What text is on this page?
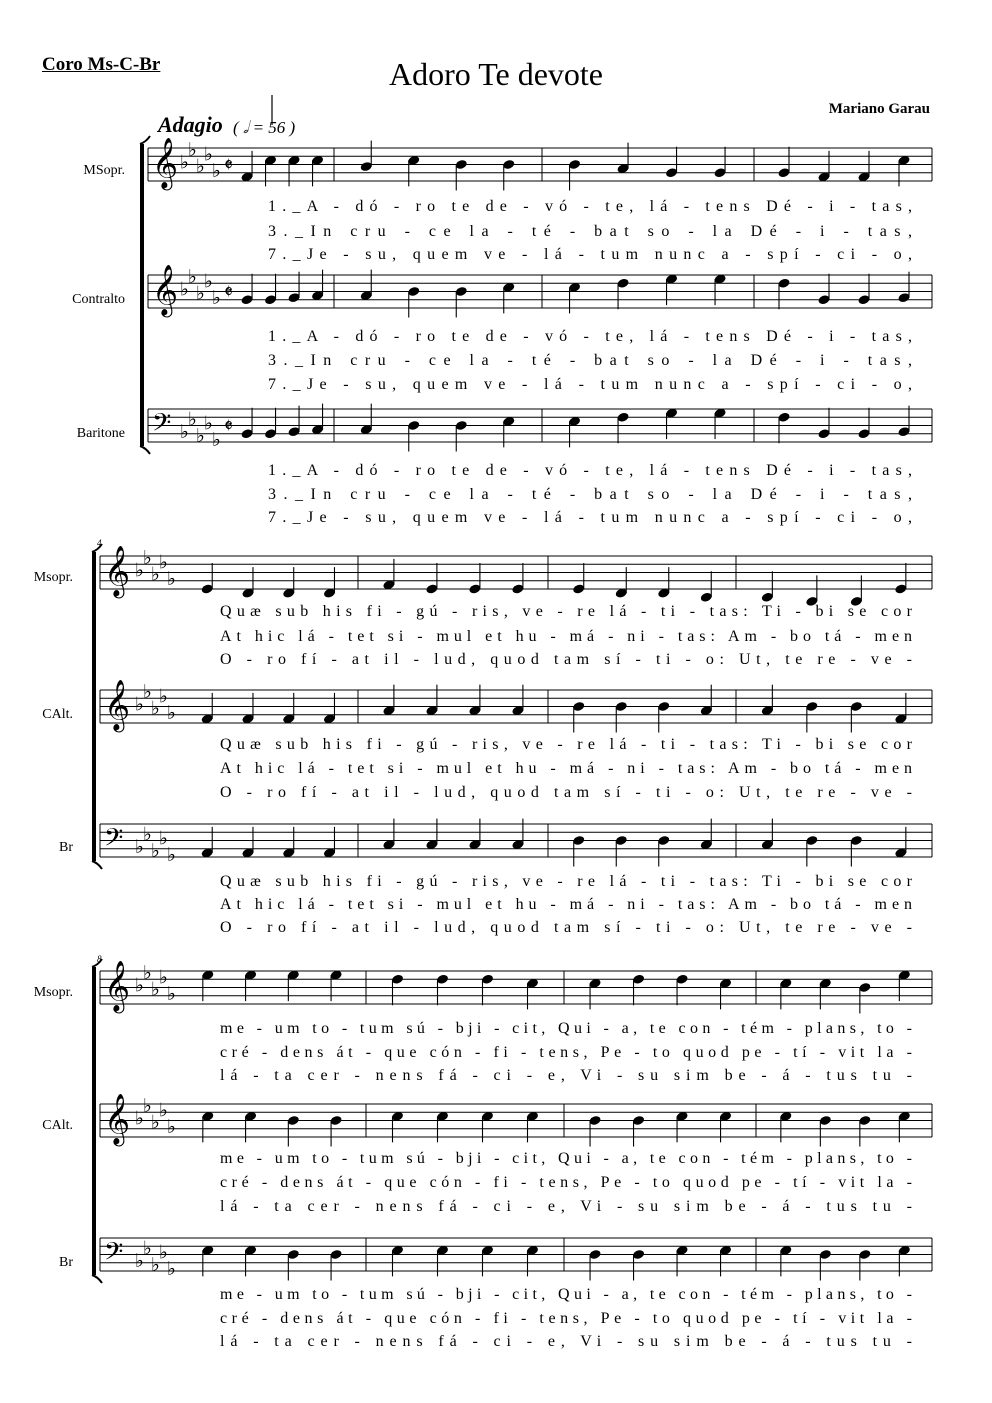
Coro Ms-C-Br	Adoro Te devote
Mariano Garau
Adagio ( 𝅗𝅥 = 56 )
MSopr.
Contralto
Baritone
Msopr.
CAlt.
Br
Msopr.
CAlt.
Br
4
8
𝄞 ♭
♭
♭
♭
♭ 𝄵
1._A - dó - ro te de - vó - te, lá - tens Dé - i - tas,
3._In cru - ce la - té - bat so - la Dé - i - tas,
7._Je - su, quem ve - lá - tum nunc a - spí - ci - o,
𝄞 ♭
♭
♭
♭
♭ 𝄵
1._A - dó - ro te de - vó - te, lá - tens Dé - i - tas,
3._In cru - ce la - té - bat so - la Dé - i - tas,
7._Je - su, quem ve - lá - tum nunc a - spí - ci - o,
𝄢 ♭
♭
♭
♭
♭
𝄵
1._A - dó - ro te de - vó - te, lá - tens Dé - i - tas,
3._In cru - ce la - té - bat so - la Dé - i - tas,
7._Je - su, quem ve - lá - tum nunc a - spí - ci - o,
𝄞 ♭
♭
♭
♭
♭
Quæ sub his fi - gú - ris, ve - re lá - ti - tas: Ti - bi se cor
At hic lá - tet si - mul et hu - má - ni - tas: Am - bo tá - men
O - ro fí - at il - lud, quod tam sí - ti - o: Ut, te re - ve -
𝄞 ♭
♭
♭
♭
♭
Quæ sub his fi - gú - ris, ve - re lá - ti - tas: Ti - bi se cor
At hic lá - tet si - mul et hu - má - ni - tas: Am - bo tá - men
O - ro fí - at il - lud, quod tam sí - ti - o: Ut, te re - ve -
𝄢 ♭
♭
♭
♭
♭
Quæ sub his fi - gú - ris, ve - re lá - ti - tas: Ti - bi se cor
At hic lá - tet si - mul et hu - má - ni - tas: Am - bo tá - men
O - ro fí - at il - lud, quod tam sí - ti - o: Ut, te re - ve -
𝄞 ♭
♭
♭
♭
♭
me - um to - tum sú - bji - cit, Qui - a, te con - tém - plans, to -
cré - dens át - que cón - fi - tens, Pe - to quod pe - tí - vit la -
lá - ta cer - nens fá - ci - e, Vi - su sim be - á - tus tu -
𝄞 ♭
♭
♭
♭
♭
me - um to - tum sú - bji - cit, Qui - a, te con - tém - plans, to -
cré - dens át - que cón - fi - tens, Pe - to quod pe - tí - vit la -
lá - ta cer - nens fá - ci - e, Vi - su sim be - á - tus tu -
𝄢 ♭
♭
♭
♭
♭
me - um to - tum sú - bji - cit, Qui - a, te con - tém - plans, to -
cré - dens át - que cón - fi - tens, Pe - to quod pe - tí - vit la -
lá - ta cer - nens fá - ci - e, Vi - su sim be - á - tus tu -
